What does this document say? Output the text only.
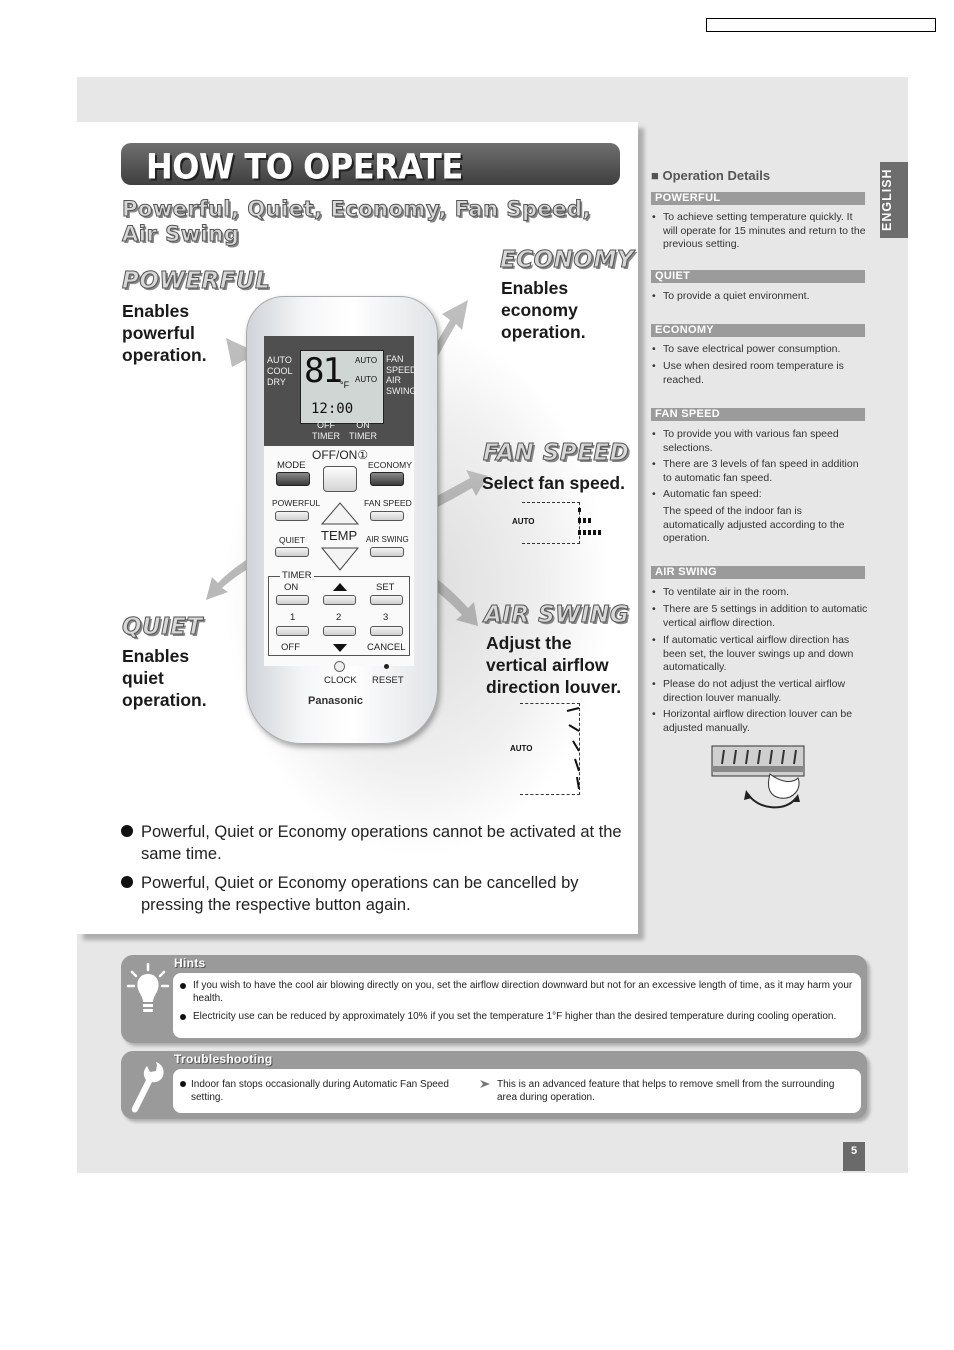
HOW TO OPERATE
Powerful, Quiet, Economy, Fan Speed,
Air Swing
POWERFUL
Enables
powerful
operation.
ECONOMY
Enables
economy
operation.
FAN SPEED
Select fan speed.
AUTO
AIR SWING
Adjust the
vertical airflow
direction louver.
AUTO
QUIET
Enables
quiet
operation.
AUTO
COOL
DRY 81 °F
AUTO
AUTO
12:00
FAN SPEED
AIR SWING
OFF TIMER
ON TIMER
OFF/ON①
MODE	ECONOMY
POWERFUL	FAN SPEED
QUIET TEMP AIR SWING
TIMER
ON	SET
1	2	3
OFF	CANCEL
CLOCK RESET
Panasonic
Powerful, Quiet or Economy operations cannot be activated at the same time.
Powerful, Quiet or Economy operations can be cancelled by pressing the respective button again.
■ Operation Details	ENGLISH
POWERFUL
• To achieve setting temperature quickly. It will operate for 15 minutes and return to the previous setting.
QUIET
• To provide a quiet environment.
ECONOMY
• To save electrical power consumption.
• Use when desired room temperature is reached.
FAN SPEED
• To provide you with various fan speed selections.
• There are 3 levels of fan speed in addition to automatic fan speed.
• Automatic fan speed:
The speed of the indoor fan is automatically adjusted according to the operation.
AIR SWING
• To ventilate air in the room.
• There are 5 settings in addition to automatic vertical airflow direction.
• If automatic vertical airflow direction has been set, the louver swings up and down automatically.
• Please do not adjust the vertical airflow direction louver manually.
• Horizontal airflow direction louver can be adjusted manually.
Hints
If you wish to have the cool air blowing directly on you, set the airflow direction downward but not for an excessive length of time, as it may harm your health.
Electricity use can be reduced by approximately 10% if you set the temperature 1°F higher than the desired temperature during cooling operation.
Troubleshooting
Indoor fan stops occasionally during Automatic Fan Speed setting.
This is an advanced feature that helps to remove smell from the surrounding area during operation.
5
